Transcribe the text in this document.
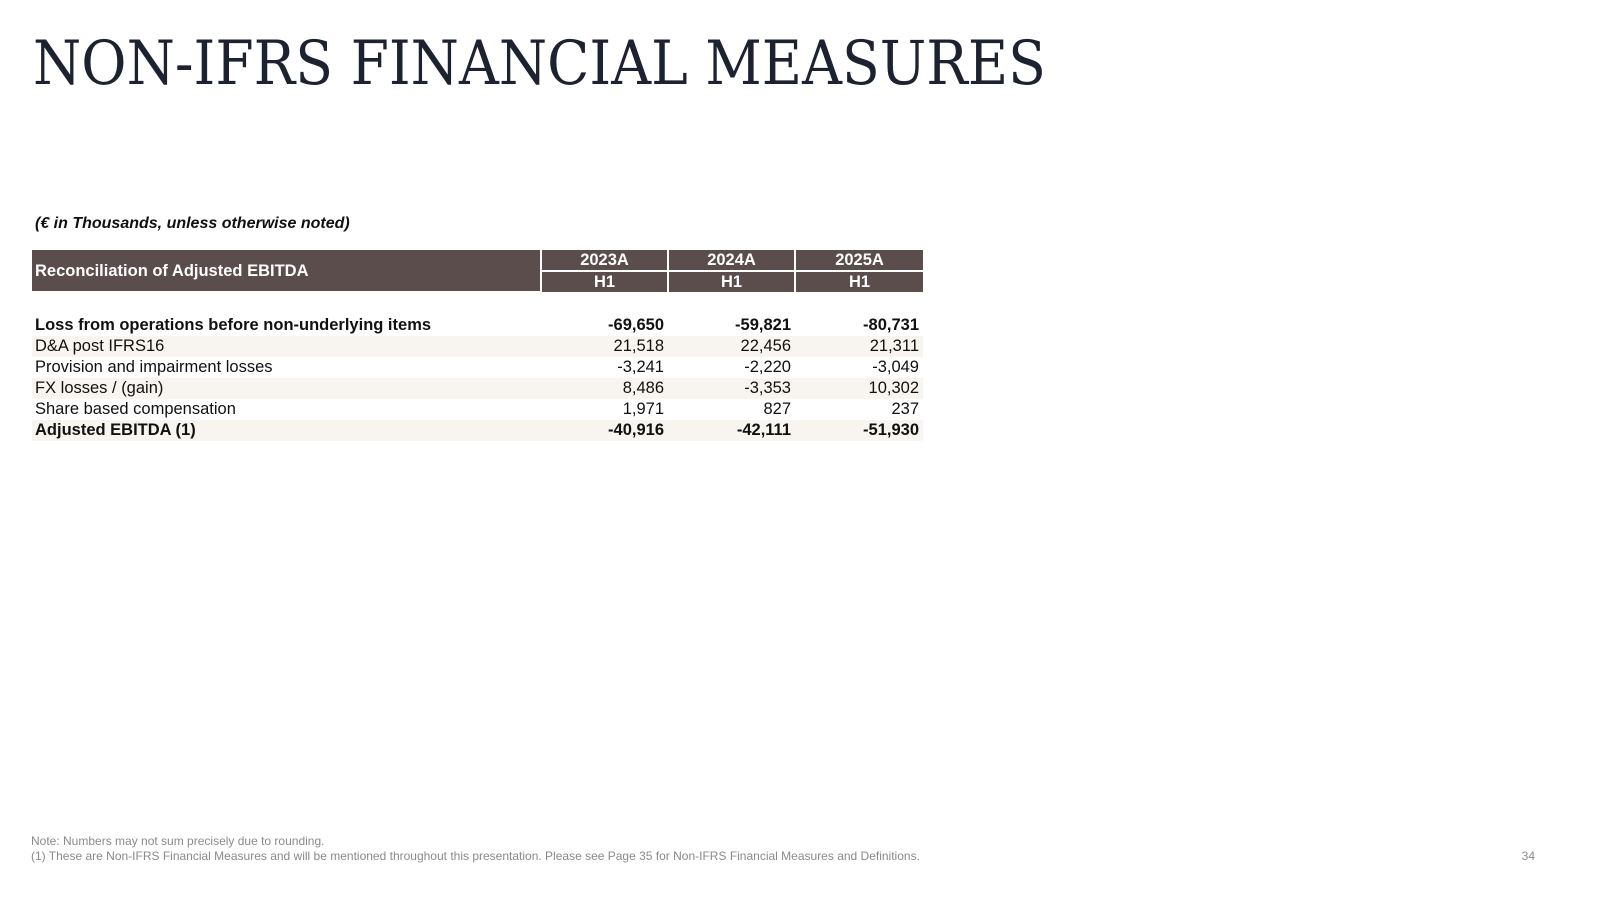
NON-IFRS FINANCIAL MEASURES
(€ in Thousands, unless otherwise noted)
Reconciliation of Adjusted EBITDA	2023A	2024A	2025A
	H1	H1	H1

Loss from operations before non-underlying items	-69,650	-59,821	-80,731
D&A post IFRS16	21,518	22,456	21,311
Provision and impairment losses	-3,241	-2,220	-3,049
FX losses / (gain)	8,486	-3,353	10,302
Share based compensation	1,971	827	237
Adjusted EBITDA (1)	-40,916	-42,111	-51,930
Note: Numbers may not sum precisely due to rounding.
(1) These are Non-IFRS Financial Measures and will be mentioned throughout this presentation. Please see Page 35 for Non-IFRS Financial Measures and Definitions.	34
